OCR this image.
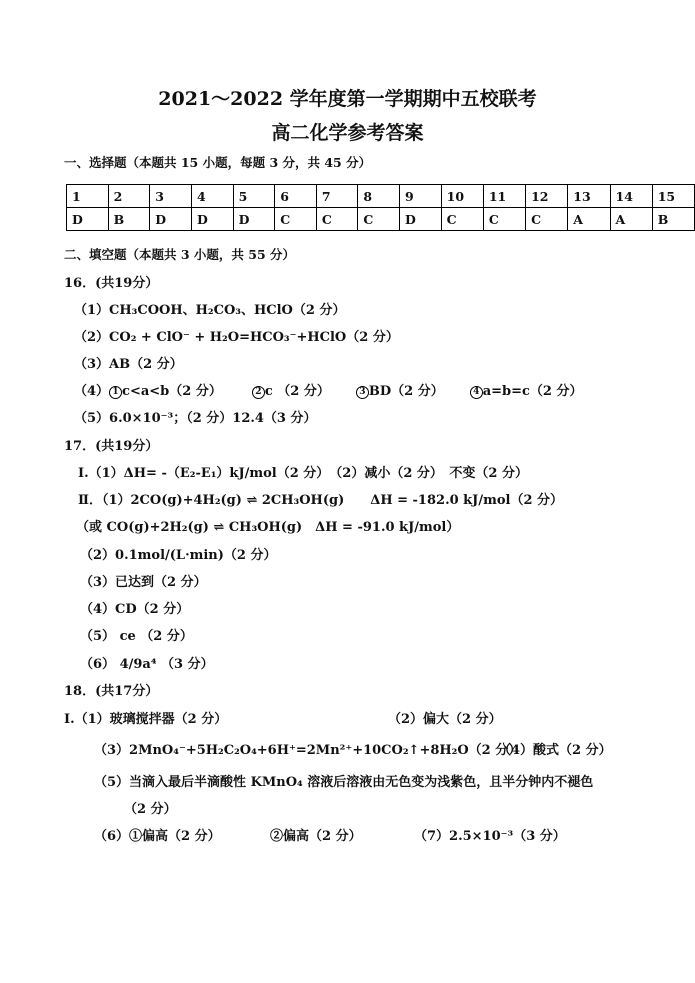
2021～2022 学年度第一学期期中五校联考
高二化学参考答案
一、选择题（本题共 15 小题，每题 3 分，共 45 分）
1	2	3	4	5	6	7	8	9	10	11	12	13	14	15
D	B	D	D	D	C	C	C	D	C	C	C	A	A	B
二、填空题（本题共 3 小题，共 55 分）
16．(共19分）
（1）CH₃COOH、H₂CO₃、HClO（2 分）
（2）CO₂ + ClO⁻ + H₂O=HCO₃⁻+HClO（2 分）
（3）AB（2 分）
（4） 1 c<a<b（2 分）	2 c （2 分）	3 BD（2 分）	4 a=b=c（2 分）
（5）6.0×10⁻³；（2 分）12.4（3 分）
17．(共19分）
Ⅰ.（1）ΔH= -（E₂-E₁）kJ/mol（2 分）　（2）减小（2 分）　不变（2 分）
Ⅱ．（1）2CO(g)+4H₂(g) ⇌ 2CH₃OH(g)　　ΔH = -182.0 kJ/mol（2 分）
（或 CO(g)+2H₂(g) ⇌ CH₃OH(g)　ΔH = -91.0 kJ/mol）
（2）0.1mol/(L·min)（2 分）
（3）已达到（2 分）
（4）CD（2 分）
（5） ce （2 分）
（6） 4/9a⁴ （3 分）
18．(共17分）
I.（1）玻璃搅拌器（2 分）	（2）偏大（2 分）
（3）2MnO₄⁻+5H₂C₂O₄+6H⁺=2Mn²⁺+10CO₂↑+8H₂O（2 分）
（4）酸式（2 分）
（5）当滴入最后半滴酸性 KMnO₄ 溶液后溶液由无色变为浅紫色，且半分钟内不褪色
（2 分）
（6）①偏高（2 分）	②偏高（2 分）	（7）2.5×10⁻³（3 分）
